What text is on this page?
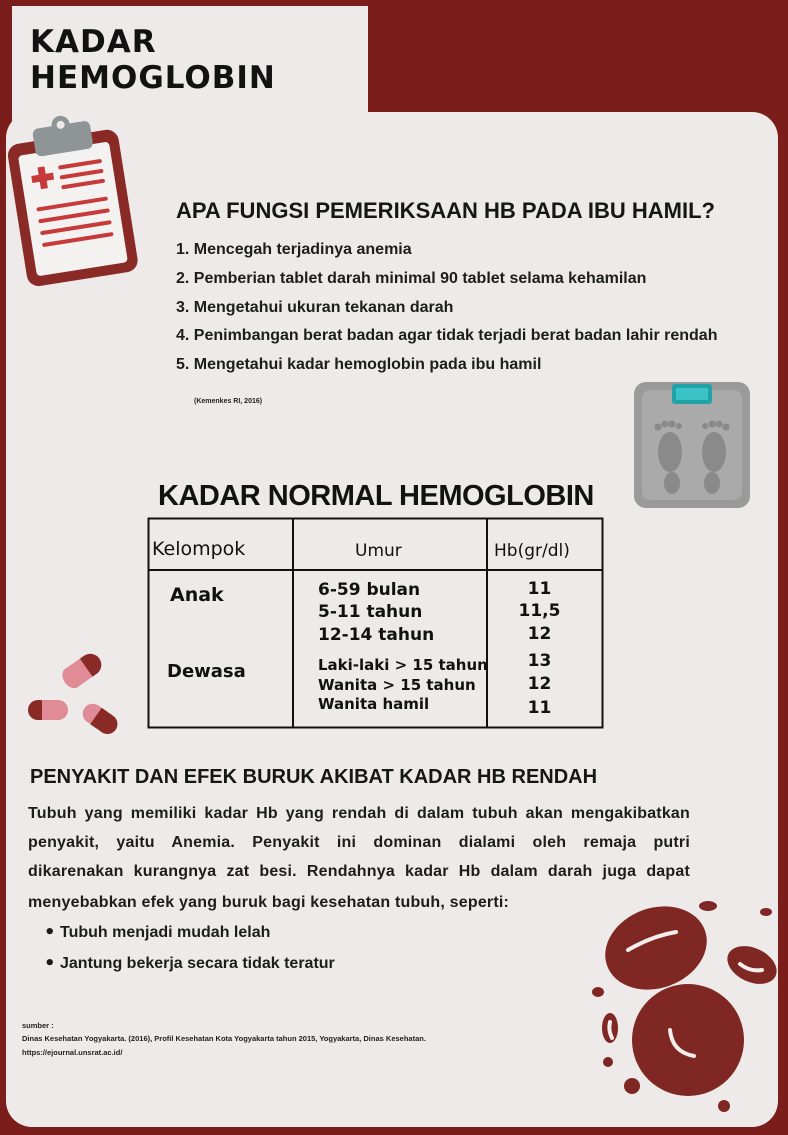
KADAR
HEMOGLOBIN
APA FUNGSI PEMERIKSAAN HB PADA IBU HAMIL?
1. Mencegah terjadinya anemia
2. Pemberian tablet darah minimal 90 tablet selama kehamilan
3. Mengetahui ukuran tekanan darah
4. Penimbangan berat badan agar tidak terjadi berat badan lahir rendah
5. Mengetahui kadar hemoglobin pada ibu hamil
(Kemenkes RI, 2016)
KADAR NORMAL HEMOGLOBIN
Kelompok	Umur	Hb(gr/dl)
Anak
Dewasa
6-59 bulan
5-11 tahun
12-14 tahun
Laki-laki > 15 tahun
Wanita > 15 tahun
Wanita hamil
11
11,5
12
13
12
11
PENYAKIT DAN EFEK BURUK AKIBAT KADAR HB RENDAH
Tubuh yang memiliki kadar Hb yang rendah di dalam tubuh akan mengakibatkan
penyakit, yaitu Anemia. Penyakit ini dominan dialami oleh remaja putri
dikarenakan kurangnya zat besi. Rendahnya kadar Hb dalam darah juga dapat
menyebabkan efek yang buruk bagi kesehatan tubuh, seperti:
• Tubuh menjadi mudah lelah
• Jantung bekerja secara tidak teratur
sumber :
Dinas Kesehatan Yogyakarta. (2016), Profil Kesehatan Kota Yogyakarta tahun 2015, Yogyakarta, Dinas Kesehatan.
https://ejournal.unsrat.ac.id/
